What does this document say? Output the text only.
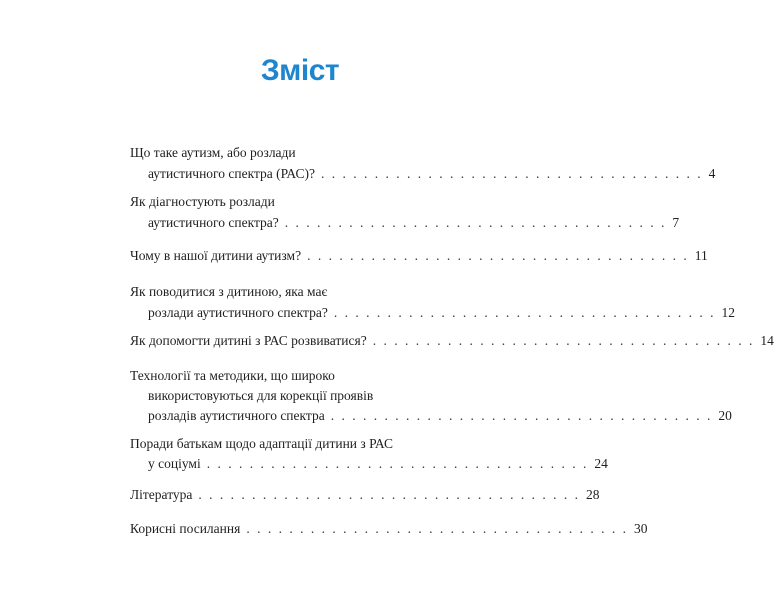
Зміст
Що таке аутизм, або розлади
аутистичного спектра (РАС)? . . . . . . . . . . . . . . . . . . . . . . . . . . . . . . . . . . . . 4
Як діагностують розлади
аутистичного спектра? . . . . . . . . . . . . . . . . . . . . . . . . . . . . . . . . . . . . 7
Чому в нашої дитини аутизм? . . . . . . . . . . . . . . . . . . . . . . . . . . . . . . . . . . . . 11
Як поводитися з дитиною, яка має
розлади аутистичного спектра? . . . . . . . . . . . . . . . . . . . . . . . . . . . . . . . . . . . . 12
Як допомогти дитині з РАС розвиватися? . . . . . . . . . . . . . . . . . . . . . . . . . . . . . . . . . . . . 14
Технології та методики, що широко
використовуються для корекції проявів
розладів аутистичного спектра . . . . . . . . . . . . . . . . . . . . . . . . . . . . . . . . . . . . 20
Поради батькам щодо адаптації дитини з РАС
у соціумі . . . . . . . . . . . . . . . . . . . . . . . . . . . . . . . . . . . . 24
Література . . . . . . . . . . . . . . . . . . . . . . . . . . . . . . . . . . . . 28
Корисні посилання . . . . . . . . . . . . . . . . . . . . . . . . . . . . . . . . . . . . 30
